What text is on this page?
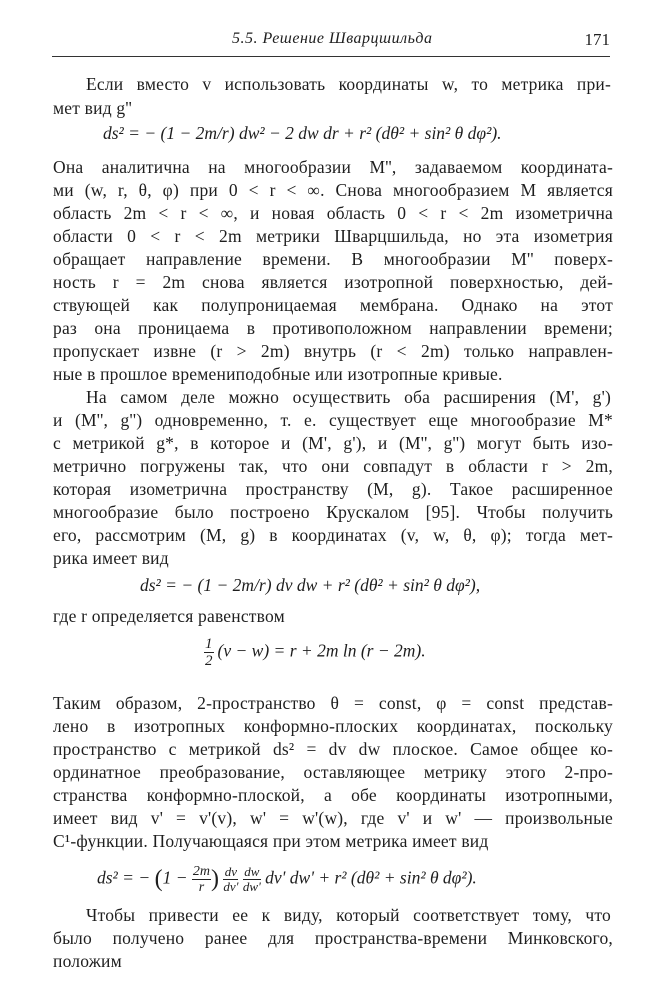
5.5. Решение Шварцшильда	171
Если вместо v использовать координаты w, то метрика при-
мет вид g''
ds² = − (1 − 2m/r) dw² − 2 dw dr + r² (dθ² + sin² θ dφ²).
Она аналитична на многообразии M'', задаваемом координата-
ми (w, r, θ, φ) при 0 < r < ∞. Снова многообразием M является
область 2m < r < ∞, и новая область 0 < r < 2m изометрична
области 0 < r < 2m метрики Шварцшильда, но эта изометрия
обращает направление времени. В многообразии M'' поверх-
ность r = 2m снова является изотропной поверхностью, дей-
ствующей как полупроницаемая мембрана. Однако на этот
раз она проницаема в противоположном направлении времени;
пропускает извне (r > 2m) внутрь (r < 2m) только направлен-
ные в прошлое времениподобные или изотропные кривые.
На самом деле можно осуществить оба расширения (M', g')
и (M'', g'') одновременно, т. е. существует еще многообразие M*
с метрикой g*, в которое и (M', g'), и (M'', g'') могут быть изо-
метрично погружены так, что они совпадут в области r > 2m,
которая изометрична пространству (M, g). Такое расширенное
многообразие было построено Крускалом [95]. Чтобы получить
его, рассмотрим (M, g) в координатах (v, w, θ, φ); тогда мет-
рика имеет вид
ds² = − (1 − 2m/r) dv dw + r² (dθ² + sin² θ dφ²),
где r определяется равенством
$\frac{1}{2} (v - w) = r + 2m$ ln (r − 2m).
Таким образом, 2-пространство θ = const, φ = const представ-
лено в изотропных конформно-плоских координатах, поскольку
пространство с метрикой ds² = dv dw плоское. Самое общее ко-
ординатное преобразование, оставляющее метрику этого 2-про-
странства конформно-плоской, а обе координаты изотропными,
имеет вид v' = v'(v), w' = w'(w), где v' и w' — произвольные
C¹-функции. Получающаяся при этом метрика имеет вид
ds² = − ($1 - \frac{2m}{r}$ ) $\frac{dv}{dv'}$
$\frac{dw}{dw'} dv'$ dw' + r² (dθ² + sin² θ dφ²).
Чтобы привести ее к виду, который соответствует тому, что
было получено ранее для пространства-времени Минковского,
положим
